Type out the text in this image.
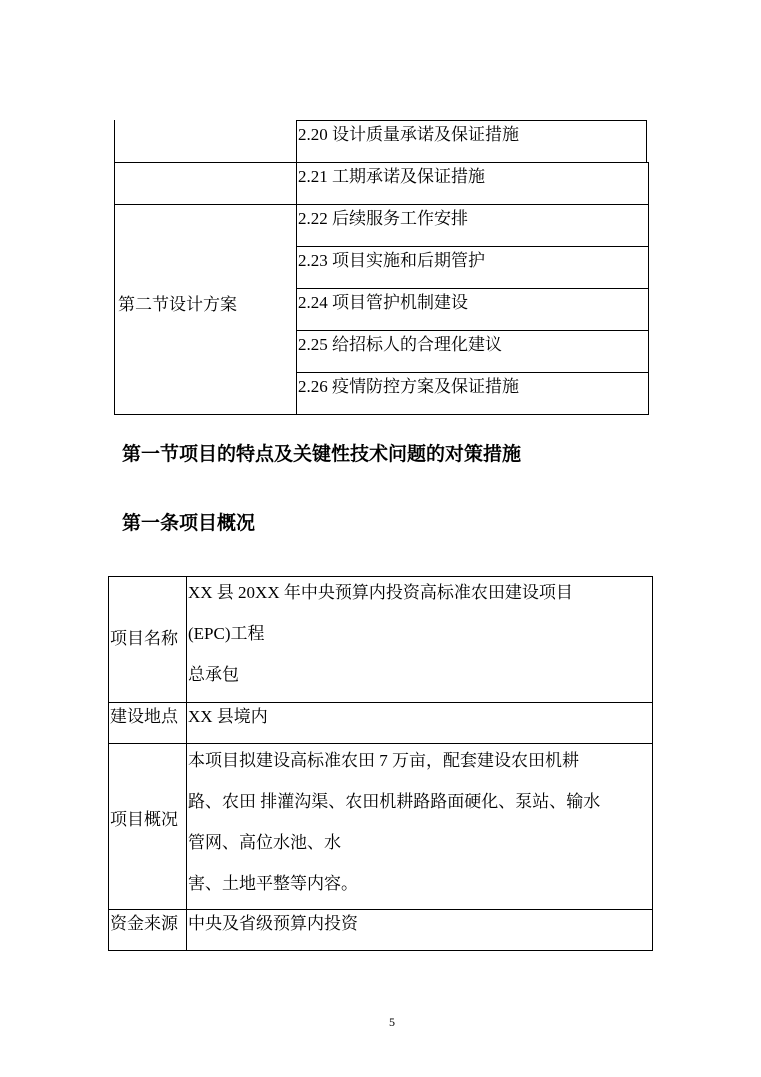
第二节设计方案
2.20 设计质量承诺及保证措施
2.21 工期承诺及保证措施
2.22 后续服务工作安排
2.23 项目实施和后期管护
2.24 项目管护机制建设
2.25 给招标人的合理化建议
2.26 疫情防控方案及保证措施
第一节项目的特点及关键性技术问题的对策措施
第一条项目概况
项目名称
XX 县 20XX 年中央预算内投资高标准农田建设项目
(EPC)工程
总承包
建设地点 XX 县境内
项目概况
本项目拟建设高标准农田 7 万亩，配套建设农田机耕
路、农田 排灌沟渠、农田机耕路路面硬化、泵站、输水
管网、高位水池、水
害、土地平整等内容。
资金来源 中央及省级预算内投资
5
